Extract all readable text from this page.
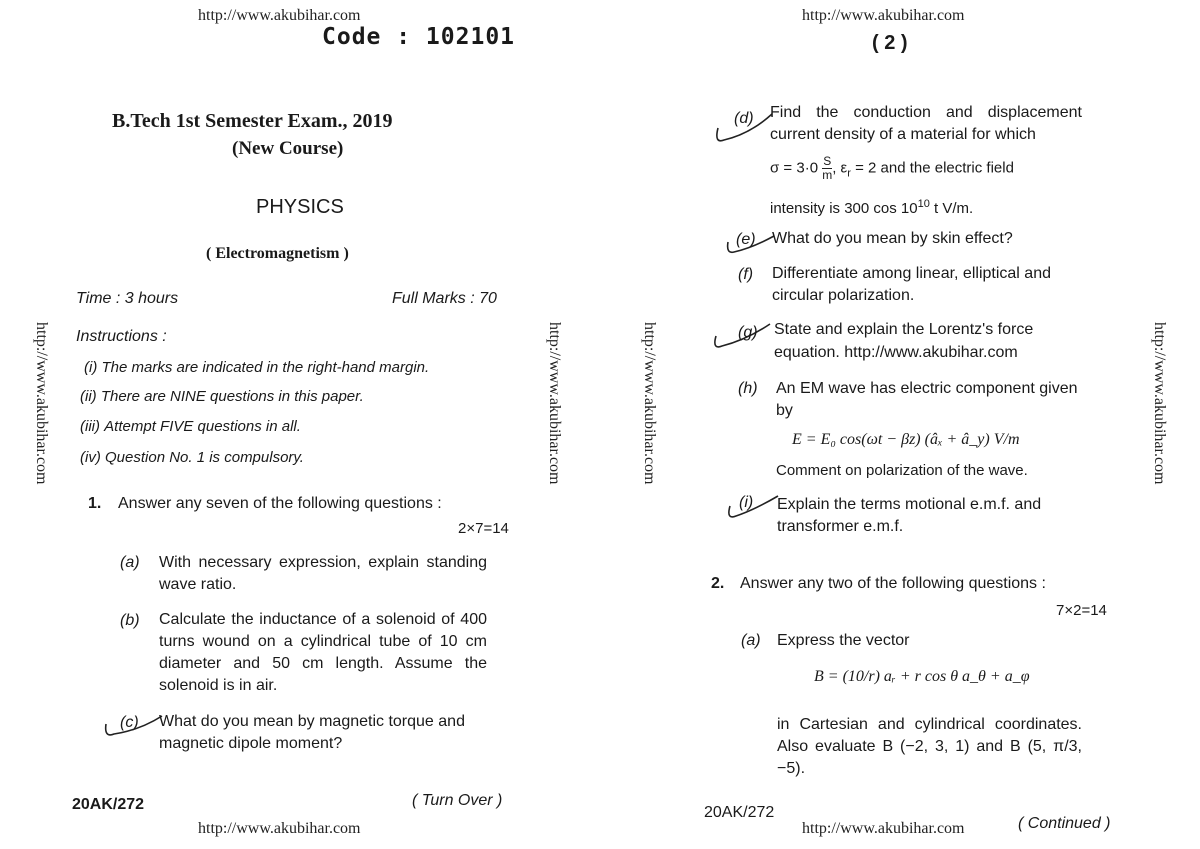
http://www.akubihar.com
Code : 102101
B.Tech 1st Semester Exam., 2019
(New Course)
PHYSICS
( Electromagnetism )
Time : 3 hours	Full Marks : 70
Instructions :
(i) The marks are indicated in the right-hand margin.
(ii) There are NINE questions in this paper.
(iii) Attempt FIVE questions in all.
(iv) Question No. 1 is compulsory.
1. Answer any seven of the following questions :
2×7=14
(a) With necessary expression, explain standing wave ratio.
(b) Calculate the inductance of a solenoid of 400 turns wound on a cylindrical tube of 10 cm diameter and 50 cm length. Assume the solenoid is in air.
(c) What do you mean by magnetic torque and magnetic dipole moment?
20AK/272	( Turn Over )
http://www.akubihar.com
http://www.akubihar.com	http://www.akubihar.com
http://www.akubihar.com
( 2 )
(d) Find the conduction and displacement current density of a material for which
$\sigma = 3\cdot 0 \frac{S}{m}$ , $\varepsilon_r = 2$ and the electric field
intensity is 300 $\cos 10^{10}$ t V/m.
(e) What do you mean by skin effect?
(f) Differentiate among linear, elliptical and circular polarization.
(g) State and explain the Lorentz's force
equation. http://www.akubihar.com
(h) An EM wave has electric component given by
E = E₀ cos(ωt − βz) (âₓ + â_y) V/m
Comment on polarization of the wave.
(i) Explain the terms motional e.m.f. and transformer e.m.f.
2. Answer any two of the following questions :
7×2=14
(a) Express the vector
B = (10/r) aᵣ + r cos θ a_θ + a_φ
in Cartesian and cylindrical coordinates. Also evaluate B (−2, 3, 1) and B (5, π/3, −5).
20AK/272
http://www.akubihar.com	( Continued )
http://www.akubihar.com	http://www.akubihar.com
